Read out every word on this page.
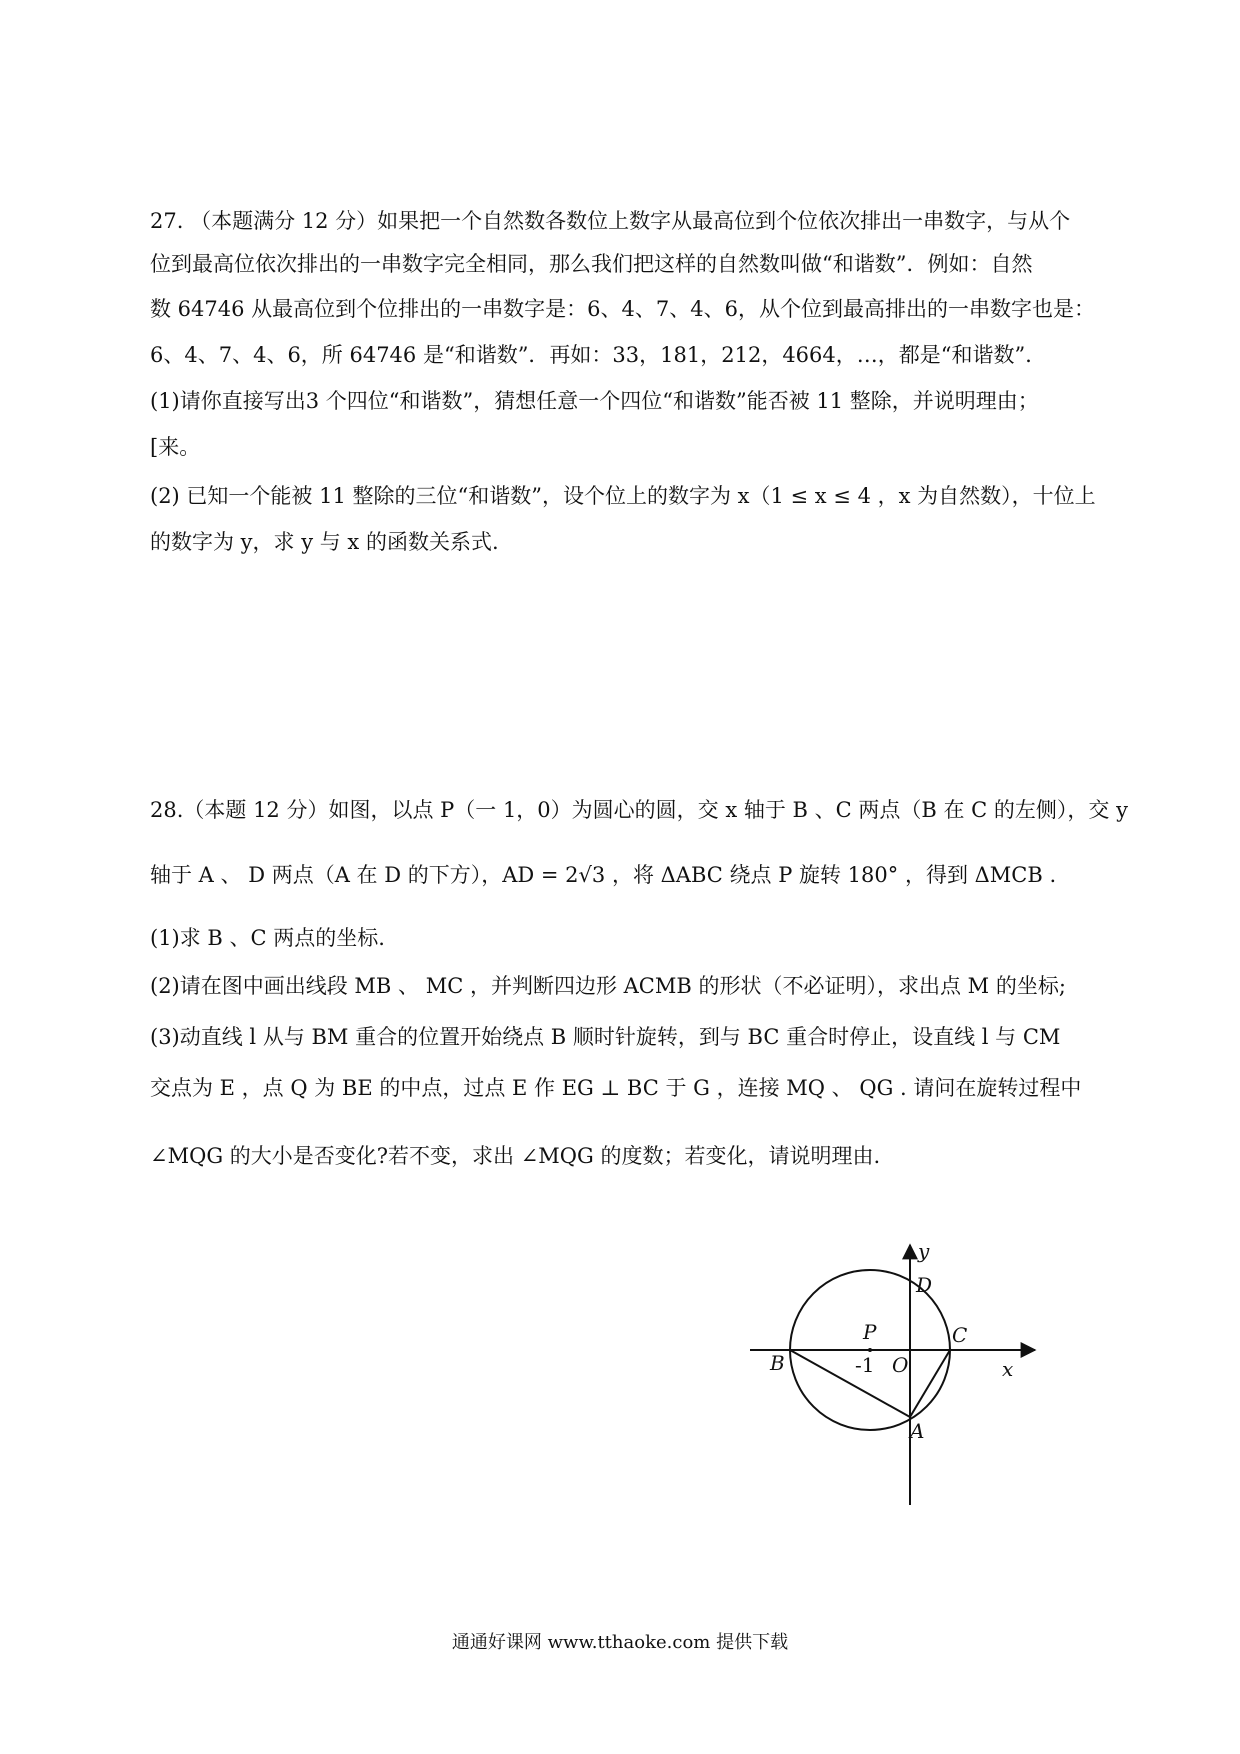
27. （本题满分 12 分）如果把一个自然数各数位上数字从最高位到个位依次排出一串数字，与从个
位到最高位依次排出的一串数字完全相同，那么我们把这样的自然数叫做“和谐数”．例如：自然
数 64746 从最高位到个位排出的一串数字是：6、4、7、4、6，从个位到最高排出的一串数字也是：
6、4、7、4、6，所 64746 是“和谐数”．再如：33，181，212，4664，…，都是“和谐数”．
(1)请你直接写出3 个四位“和谐数”，猜想任意一个四位“和谐数”能否被 11 整除，并说明理由；
[来。
(2) 已知一个能被 11 整除的三位“和谐数”，设个位上的数字为 x（1 ≤ x ≤ 4 ，x 为自然数），十位上
的数字为 y，求 y 与 x 的函数关系式.
28.（本题 12 分）如图，以点 P（一 1，0）为圆心的圆，交 x 轴于 B 、C 两点（B 在 C 的左侧），交 y
轴于 A 、 D 两点（A 在 D 的下方），AD = 2√3 ，将 ΔABC 绕点 P 旋转 180° ，得到 ΔMCB .
(1)求 B 、C 两点的坐标.
(2)请在图中画出线段 MB 、 MC ，并判断四边形 ACMB 的形状（不必证明），求出点 M 的坐标;
(3)动直线 l 从与 BM 重合的位置开始绕点 B 顺时针旋转，到与 BC 重合时停止，设直线 l 与 CM
交点为 E ，点 Q 为 BE 的中点，过点 E 作 EG ⊥ BC 于 G ，连接 MQ 、 QG . 请问在旋转过程中
∠MQG 的大小是否变化?若不变，求出 ∠MQG 的度数；若变化，请说明理由.
y
D
P	C
B	-1 O	x
A
通通好课网 www.tthaoke.com 提供下载
